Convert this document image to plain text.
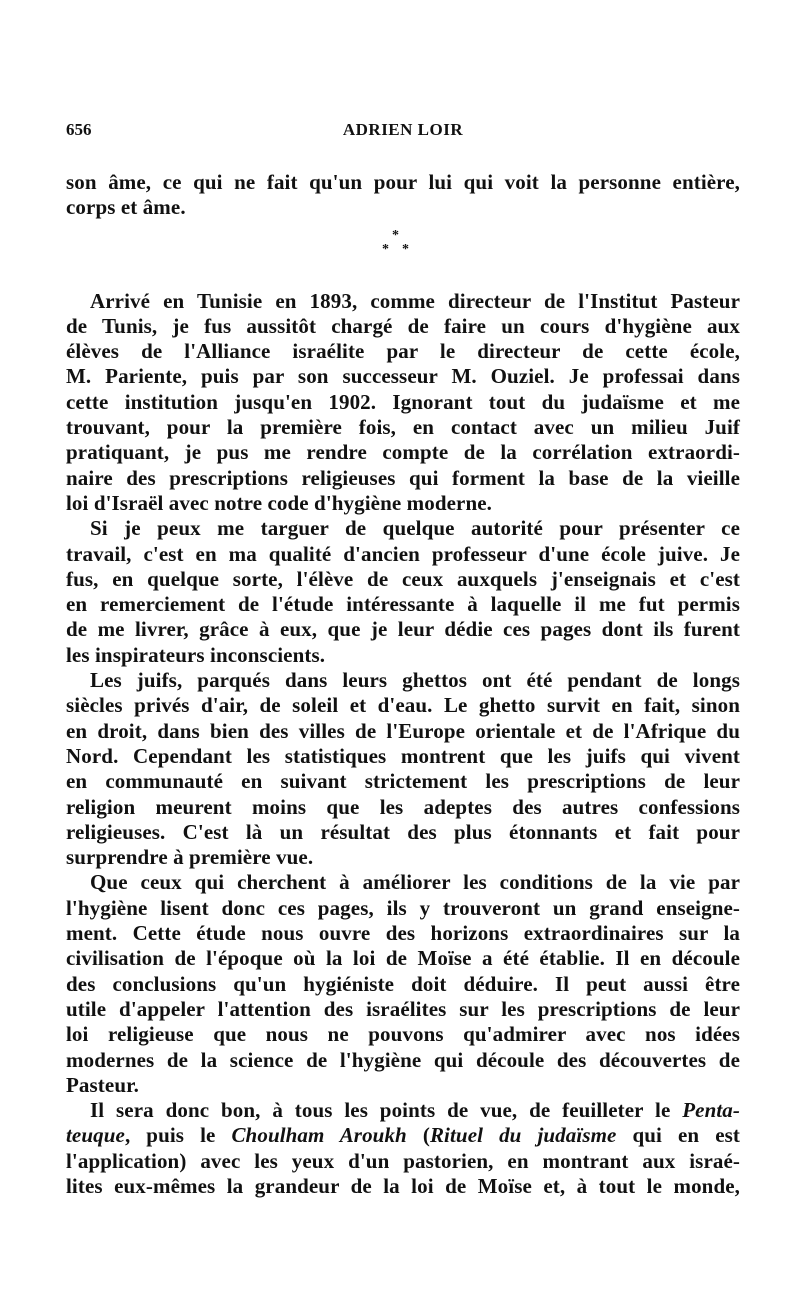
656	ADRIEN LOIR
son âme, ce qui ne fait qu'un pour lui qui voit la personne entière,
corps et âme.
*
* *
Arrivé en Tunisie en 1893, comme directeur de l'Institut Pasteur
de Tunis, je fus aussitôt chargé de faire un cours d'hygiène aux
élèves de l'Alliance israélite par le directeur de cette école,
M. Pariente, puis par son successeur M. Ouziel. Je professai dans
cette institution jusqu'en 1902. Ignorant tout du judaïsme et me
trouvant, pour la première fois, en contact avec un milieu Juif
pratiquant, je pus me rendre compte de la corrélation extraordi-
naire des prescriptions religieuses qui forment la base de la vieille
loi d'Israël avec notre code d'hygiène moderne.
Si je peux me targuer de quelque autorité pour présenter ce
travail, c'est en ma qualité d'ancien professeur d'une école juive. Je
fus, en quelque sorte, l'élève de ceux auxquels j'enseignais et c'est
en remerciement de l'étude intéressante à laquelle il me fut permis
de me livrer, grâce à eux, que je leur dédie ces pages dont ils furent
les inspirateurs inconscients.
Les juifs, parqués dans leurs ghettos ont été pendant de longs
siècles privés d'air, de soleil et d'eau. Le ghetto survit en fait, sinon
en droit, dans bien des villes de l'Europe orientale et de l'Afrique du
Nord. Cependant les statistiques montrent que les juifs qui vivent
en communauté en suivant strictement les prescriptions de leur
religion meurent moins que les adeptes des autres confessions
religieuses. C'est là un résultat des plus étonnants et fait pour
surprendre à première vue.
Que ceux qui cherchent à améliorer les conditions de la vie par
l'hygiène lisent donc ces pages, ils y trouveront un grand enseigne-
ment. Cette étude nous ouvre des horizons extraordinaires sur la
civilisation de l'époque où la loi de Moïse a été établie. Il en découle
des conclusions qu'un hygiéniste doit déduire. Il peut aussi être
utile d'appeler l'attention des israélites sur les prescriptions de leur
loi religieuse que nous ne pouvons qu'admirer avec nos idées
modernes de la science de l'hygiène qui découle des découvertes de
Pasteur.
Il sera donc bon, à tous les points de vue, de feuilleter le Penta-
teuque, puis le Choulham Aroukh (Rituel du judaïsme qui en est
l'application) avec les yeux d'un pastorien, en montrant aux israé-
lites eux-mêmes la grandeur de la loi de Moïse et, à tout le monde,
